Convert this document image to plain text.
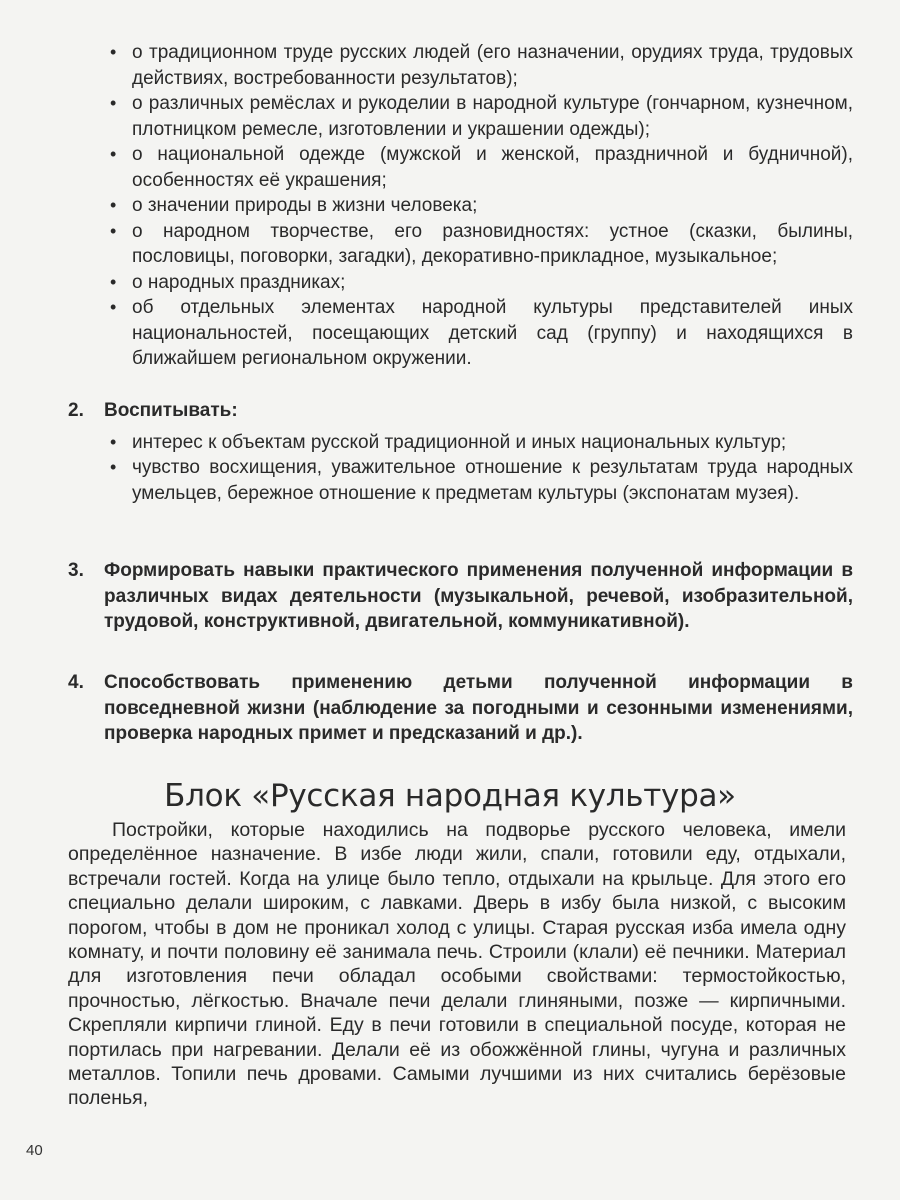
• о традиционном труде русских людей (его назначении, орудиях труда, трудовых действиях, востребованности результатов);
• о различных ремёслах и рукоделии в народной культуре (гончарном, кузнечном, плотницком ремесле, изготовлении и украшении одежды);
• о национальной одежде (мужской и женской, праздничной и будничной), особенностях её украшения;
• о значении природы в жизни человека;
• о народном творчестве, его разновидностях: устное (сказки, былины, пословицы, поговорки, загадки), декоративно-прикладное, музыкальное;
• о народных праздниках;
• об отдельных элементах народной культуры представителей иных национальностей, посещающих детский сад (группу) и находящихся в ближайшем региональном окружении.
2.	Воспитывать:
• интерес к объектам русской традиционной и иных национальных культур;
• чувство восхищения, уважительное отношение к результатам труда народных умельцев, бережное отношение к предметам культуры (экспонатам музея).
3.	Формировать навыки практического применения полученной информации в различных видах деятельности (музыкальной, речевой, изобразительной, трудовой, конструктивной, двигательной, коммуникативной).
4.	Способствовать применению детьми полученной информации в повседневной жизни (наблюдение за погодными и сезонными изменениями, проверка народных примет и предсказаний и др.).
Блок «Русская народная культура»

Постройки, которые находились на подворье русского человека, имели определённое назначение. В избе люди жили, спали, готовили еду, отдыхали, встречали гостей. Когда на улице было тепло, отдыхали на крыльце. Для этого его специально делали широким, с лавками. Дверь в избу была низкой, с высоким порогом, чтобы в дом не проникал холод с улицы. Старая русская изба имела одну комнату, и почти половину её занимала печь. Строили (клали) её печники. Материал для изготовления печи обладал особыми свойствами: термостойкостью, прочностью, лёгкостью. Вначале печи делали глиняными, позже — кирпичными. Скрепляли кирпичи глиной. Еду в печи готовили в специальной посуде, которая не портилась при нагревании. Делали её из обожжённой глины, чугуна и различных металлов. Топили печь дровами. Самыми лучшими из них считались берёзовые поленья,

40
